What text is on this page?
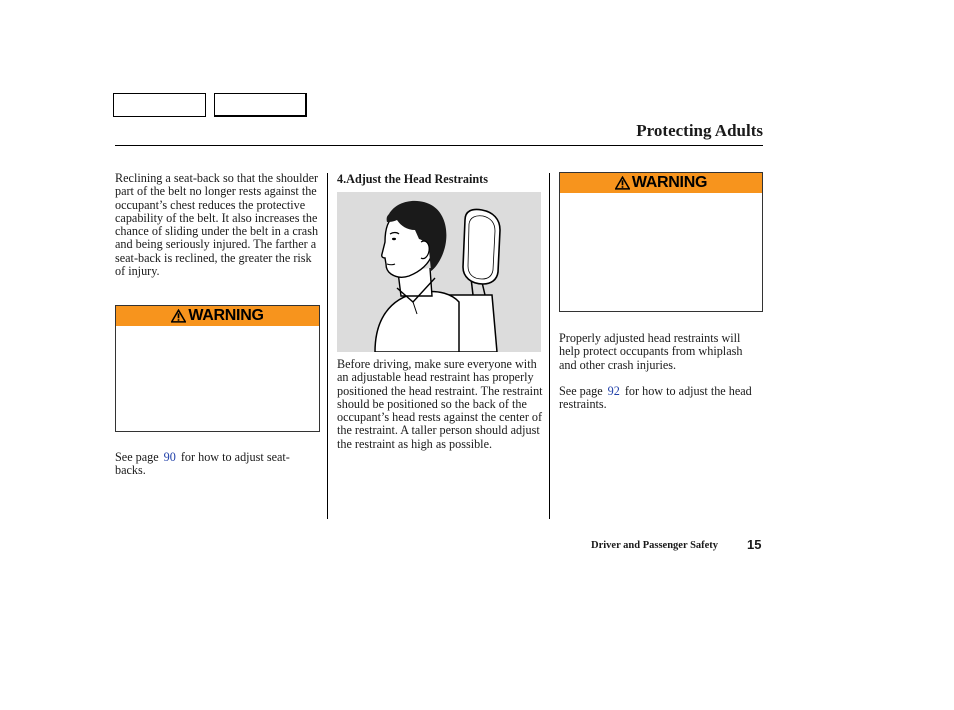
Protecting Adults

Reclining a seat-back so that the shoulder part of the belt no longer rests against the occupant’s chest reduces the protective capability of the belt. It also increases the chance of sliding under the belt in a crash and being seriously injured. The farther a seat-back is reclined, the greater the risk of injury.

WARNING

See page 90 for how to adjust seat-backs.

4.Adjust the Head Restraints

Before driving, make sure everyone with an adjustable head restraint has properly positioned the head restraint. The restraint should be positioned so the back of the occupant’s head rests against the center of the restraint. A taller person should adjust the restraint as high as possible.

WARNING

Properly adjusted head restraints will help protect occupants from whiplash and other crash injuries.

See page 92 for how to adjust the head restraints.

Driver and Passenger Safety 15
